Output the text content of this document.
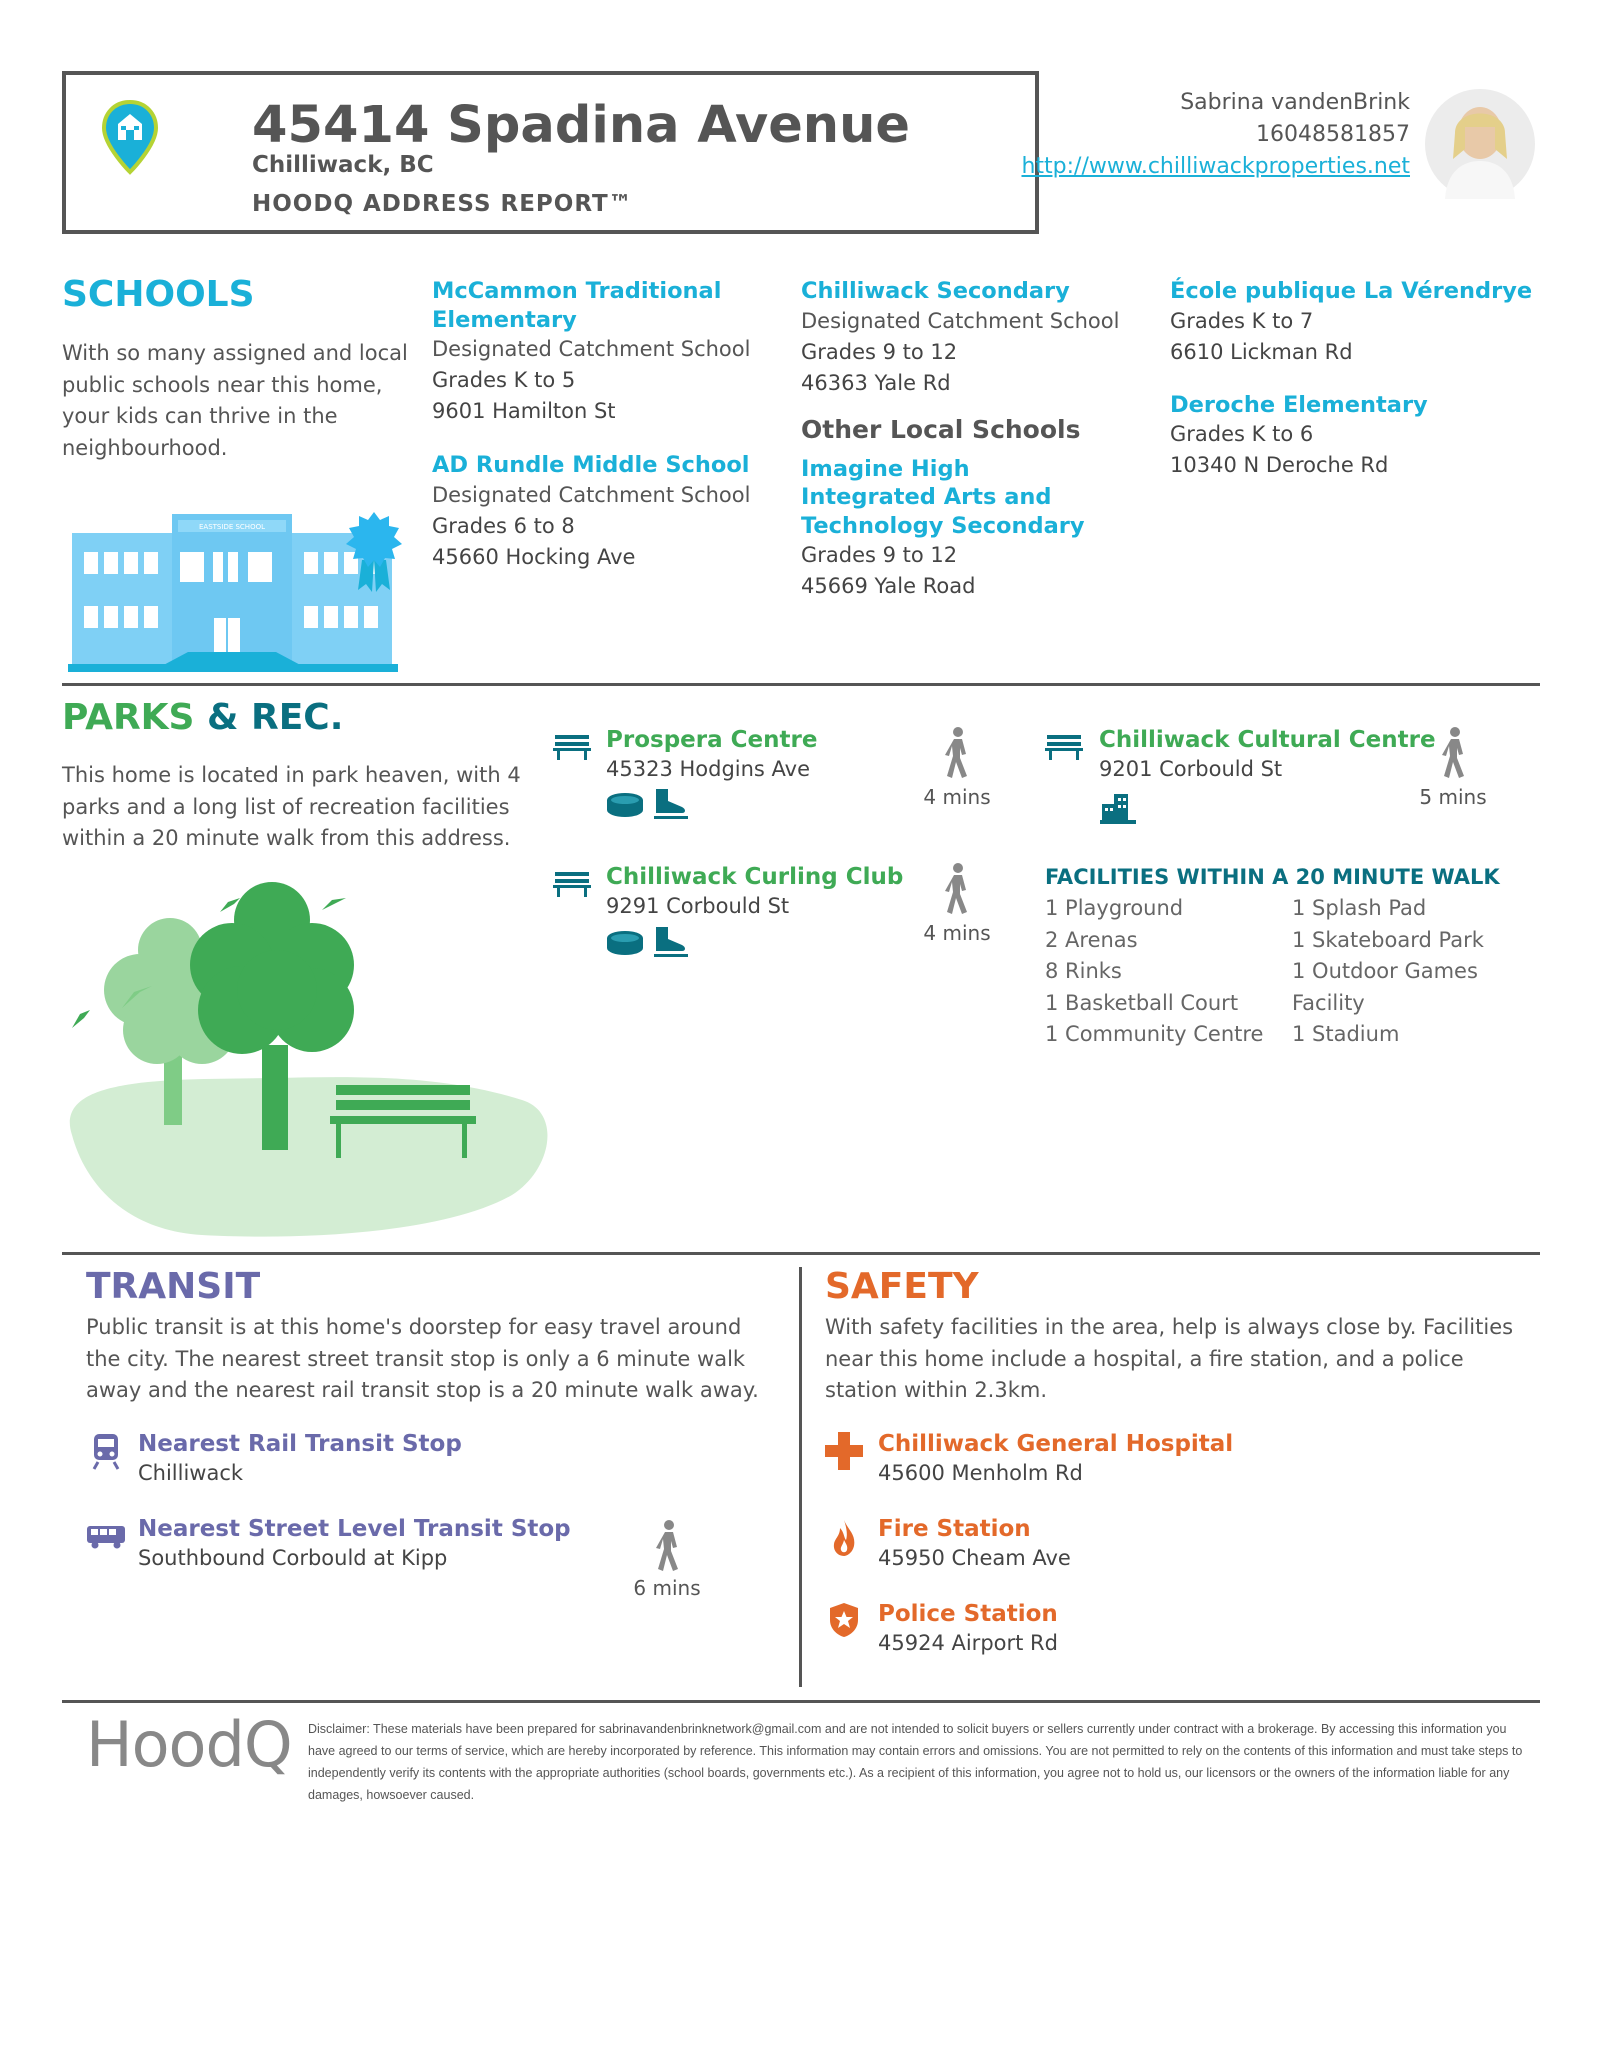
45414 Spadina Avenue
Chilliwack, BC
HOODQ ADDRESS REPORT™
Sabrina vandenBrink
16048581857
http://www.chilliwackproperties.net
SCHOOLS
With so many assigned and local public schools near this home, your kids can thrive in the neighbourhood.
EASTSIDE SCHOOL
McCammon Traditional Elementary
Designated Catchment School
Grades K to 5
9601 Hamilton St
AD Rundle Middle School
Designated Catchment School
Grades 6 to 8
45660 Hocking Ave
Chilliwack Secondary
Designated Catchment School
Grades 9 to 12
46363 Yale Rd
Other Local Schools
Imagine High Integrated Arts and Technology Secondary
Grades 9 to 12
45669 Yale Road
École publique La Vérendrye
Grades K to 7
6610 Lickman Rd
Deroche Elementary
Grades K to 6
10340 N Deroche Rd
PARKS & REC.
This home is located in park heaven, with 4 parks and a long list of recreation facilities within a 20 minute walk from this address.
Prospera Centre
45323 Hodgins Ave
4 mins
Chilliwack Cultural Centre
9201 Corbould St
5 mins
Chilliwack Curling Club
9291 Corbould St
4 mins
FACILITIES WITHIN A 20 MINUTE WALK
1 Playground
2 Arenas
8 Rinks
1 Basketball Court
1 Community Centre
1 Splash Pad
1 Skateboard Park
1 Outdoor Games
Facility
1 Stadium
TRANSIT
Public transit is at this home's doorstep for easy travel around the city. The nearest street transit stop is only a 6 minute walk away and the nearest rail transit stop is a 20 minute walk away.
Nearest Rail Transit Stop
Chilliwack
Nearest Street Level Transit Stop
Southbound Corbould at Kipp
6 mins
SAFETY
With safety facilities in the area, help is always close by. Facilities near this home include a hospital, a fire station, and a police station within 2.3km.
Chilliwack General Hospital
45600 Menholm Rd
Fire Station
45950 Cheam Ave
Police Station
45924 Airport Rd
HoodQ Disclaimer: These materials have been prepared for sabrinavandenbrinknetwork@gmail.com and are not intended to solicit buyers or sellers currently under contract with a brokerage. By accessing this information you have agreed to our terms of service, which are hereby incorporated by reference. This information may contain errors and omissions. You are not permitted to rely on the contents of this information and must take steps to independently verify its contents with the appropriate authorities (school boards, governments etc.). As a recipient of this information, you agree not to hold us, our licensors or the owners of the information liable for any damages, howsoever caused.
